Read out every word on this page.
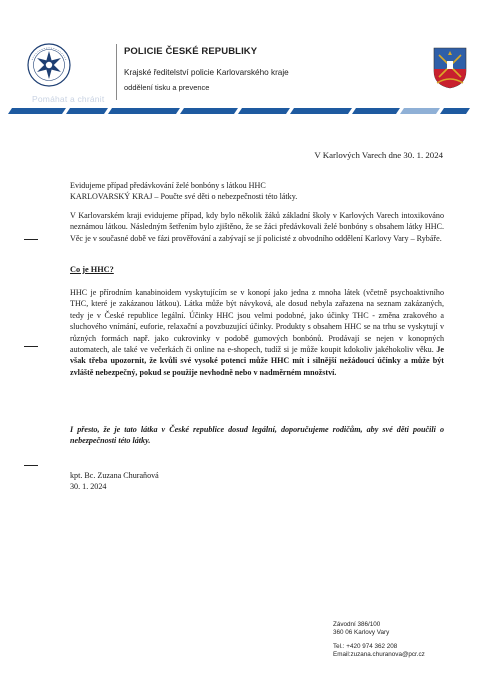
Pomáhat a chránit
POLICIE ČESKÉ REPUBLIKY
Krajské ředitelství policie Karlovarského kraje
oddělení tisku a prevence
V Karlových Varech dne 30. 1. 2024
Evidujeme případ předávkování želé bonbóny s látkou HHC
KARLOVARSKÝ KRAJ – Poučte své děti o nebezpečnosti této látky.
V Karlovarském kraji evidujeme případ, kdy bylo několik žáků základní školy v Karlových Varech intoxikováno neznámou látkou. Následným šetřením bylo zjištěno, že se žáci předávkovali želé bonbóny s obsahem látky HHC. Věc je v současné době ve fázi prověřování a zabývají se jí policisté z obvodního oddělení Karlovy Vary – Rybáře.
Co je HHC?
HHC je přírodním kanabinoidem vyskytujícím se v konopí jako jedna z mnoha látek (včetně psychoaktivního THC, které je zakázanou látkou). Látka může být návyková, ale dosud nebyla zařazena na seznam zakázaných, tedy je v České republice legální. Účinky HHC jsou velmi podobné, jako účinky THC - změna zrakového a sluchového vnímání, euforie, relaxační a povzbuzující účinky. Produkty s obsahem HHC se na trhu se vyskytují v různých formách např. jako cukrovinky v podobě gumových bonbónů. Prodávají se nejen v konopných automatech, ale také ve večerkách či online na e-shopech, tudíž si je může koupit kdokoliv jakéhokoliv věku. Je však třeba upozornit, že kvůli své vysoké potenci může HHC mít i silnější nežádoucí účinky a může být zvláště nebezpečný, pokud se použije nevhodně nebo v nadměrném množství.
I přesto, že je tato látka v České republice dosud legální, doporučujeme rodičům, aby své děti poučili o nebezpečnosti této látky.
kpt. Bc. Zuzana Churaňová
30. 1. 2024
Závodní 386/100
360 06 Karlovy Vary
Tel.: +420 974 362 208
Email:zuzana.churanova@pcr.cz
